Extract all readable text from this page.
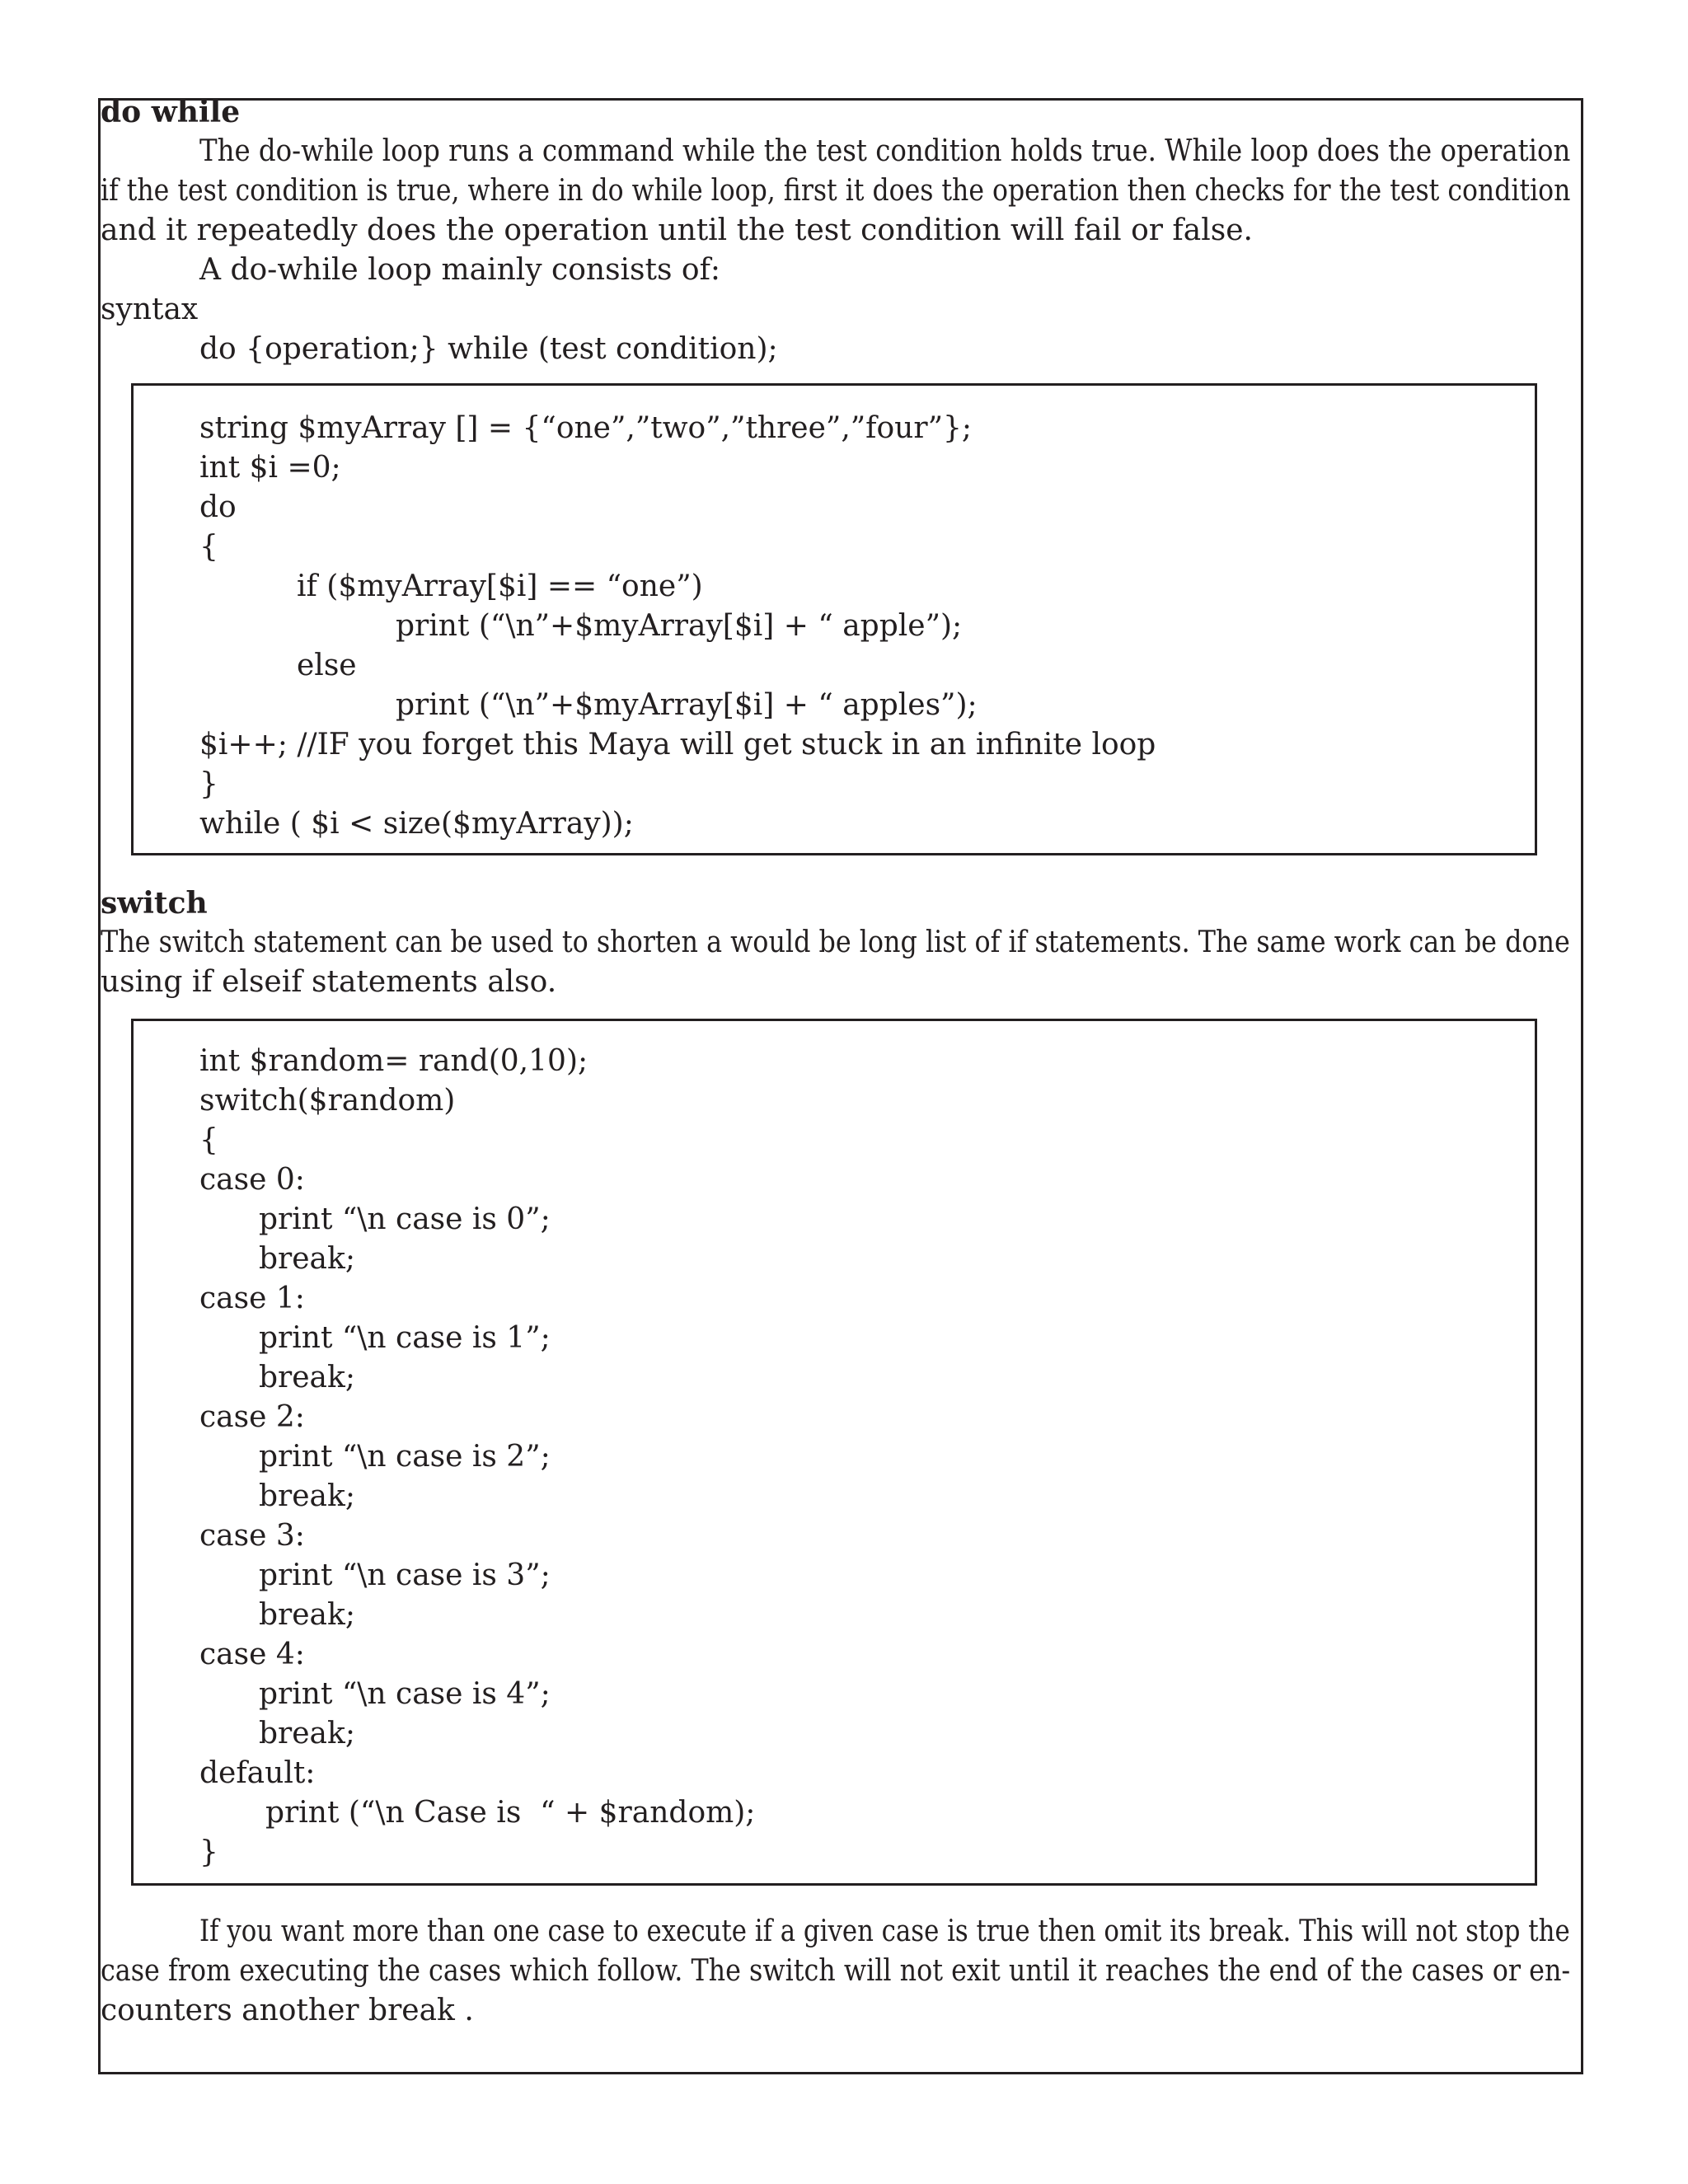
do while
The do-while loop runs a command while the test condition holds true. While loop does the operation
if the test condition is true, where in do while loop, first it does the operation then checks for the test condition
and it repeatedly does the operation until the test condition will fail or false.
A do-while loop mainly consists of:
syntax
do {operation;} while (test condition);
string $myArray [] = {“one”,”two”,”three”,”four”};
int $i =0;
do
{
if ($myArray[$i] == “one”)
print (“\n”+$myArray[$i] + “ apple”);
else
print (“\n”+$myArray[$i] + “ apples”);
$i++; //IF you forget this Maya will get stuck in an infinite loop
}
while ( $i < size($myArray));
switch
The switch statement can be used to shorten a would be long list of if statements. The same work can be done
using if elseif statements also.
int $random= rand(0,10);
switch($random)
{
case 0:
print “\n case is 0”;
break;
case 1:
print “\n case is 1”;
break;
case 2:
print “\n case is 2”;
break;
case 3:
print “\n case is 3”;
break;
case 4:
print “\n case is 4”;
break;
default:
print (“\n Case is  “ + $random);
}
If you want more than one case to execute if a given case is true then omit its break. This will not stop the
case from executing the cases which follow. The switch will not exit until it reaches the end of the cases or en-
counters another break .
